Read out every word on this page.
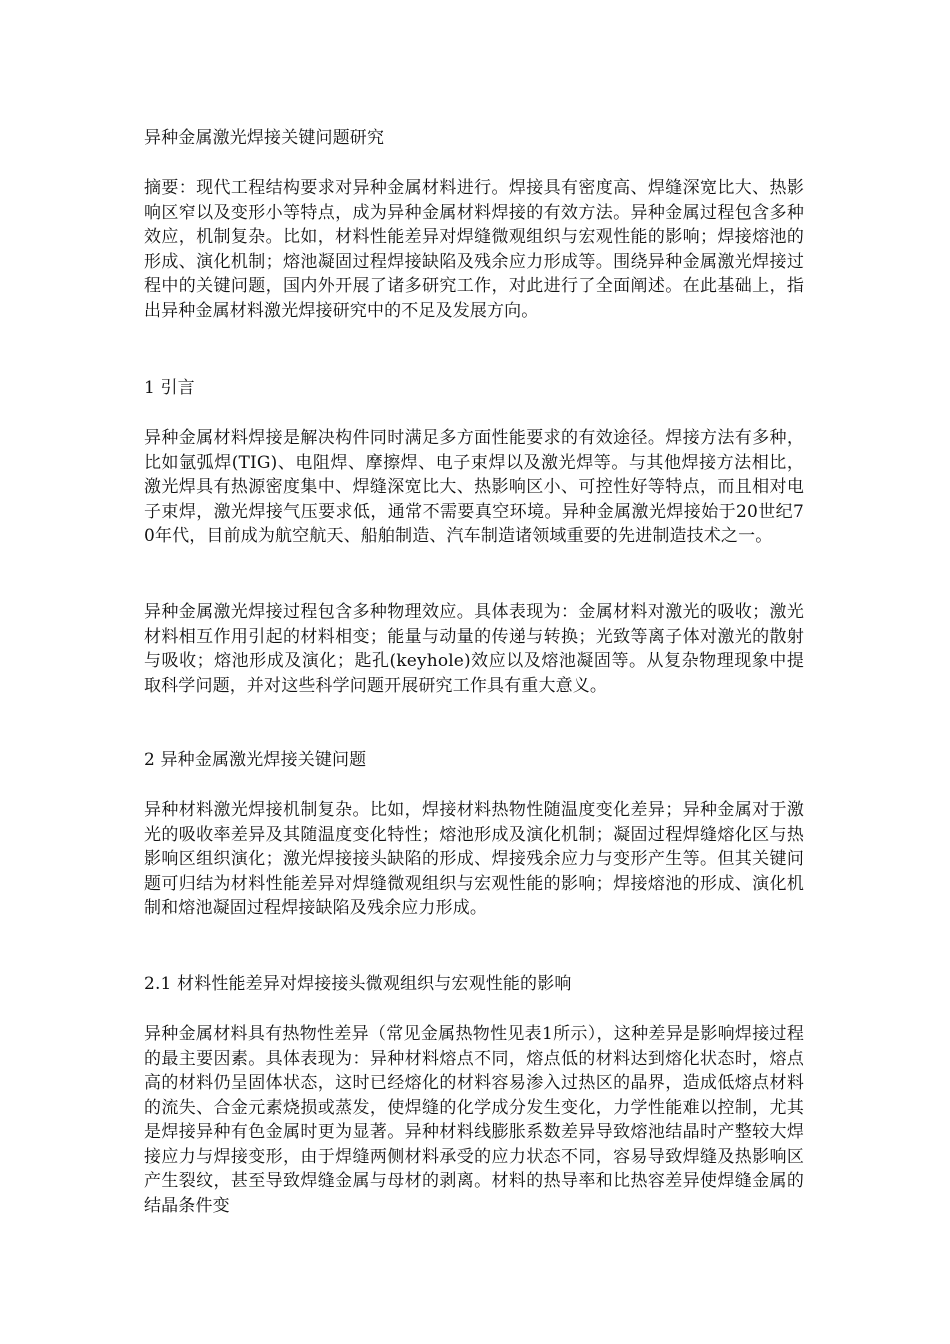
异种金属激光焊接关键问题研究
摘要：现代工程结构要求对异种金属材料进行。焊接具有密度高、焊缝深宽比大、热影响区窄以及变形小等特点，成为异种金属材料焊接的有效方法。异种金属过程包含多种效应，机制复杂。比如，材料性能差异对焊缝微观组织与宏观性能的影响；焊接熔池的形成、演化机制；熔池凝固过程焊接缺陷及残余应力形成等。围绕异种金属激光焊接过程中的关键问题，国内外开展了诸多研究工作，对此进行了全面阐述。在此基础上，指出异种金属材料激光焊接研究中的不足及发展方向。
1 引言
异种金属材料焊接是解决构件同时满足多方面性能要求的有效途径。焊接方法有多种，比如氩弧焊(TIG)、电阻焊、摩擦焊、电子束焊以及激光焊等。与其他焊接方法相比，激光焊具有热源密度集中、焊缝深宽比大、热影响区小、可控性好等特点，而且相对电子束焊，激光焊接气压要求低，通常不需要真空环境。异种金属激光焊接始于20世纪70年代，目前成为航空航天、船舶制造、汽车制造诸领域重要的先进制造技术之一。
异种金属激光焊接过程包含多种物理效应。具体表现为：金属材料对激光的吸收；激光材料相互作用引起的材料相变；能量与动量的传递与转换；光致等离子体对激光的散射与吸收；熔池形成及演化；匙孔(keyhole)效应以及熔池凝固等。从复杂物理现象中提取科学问题，并对这些科学问题开展研究工作具有重大意义。
2 异种金属激光焊接关键问题
异种材料激光焊接机制复杂。比如，焊接材料热物性随温度变化差异；异种金属对于激光的吸收率差异及其随温度变化特性；熔池形成及演化机制；凝固过程焊缝熔化区与热影响区组织演化；激光焊接接头缺陷的形成、焊接残余应力与变形产生等。但其关键问题可归结为材料性能差异对焊缝微观组织与宏观性能的影响；焊接熔池的形成、演化机制和熔池凝固过程焊接缺陷及残余应力形成。
2.1 材料性能差异对焊接接头微观组织与宏观性能的影响
异种金属材料具有热物性差异（常见金属热物性见表1所示），这种差异是影响焊接过程的最主要因素。具体表现为：异种材料熔点不同，熔点低的材料达到熔化状态时，熔点高的材料仍呈固体状态，这时已经熔化的材料容易渗入过热区的晶界，造成低熔点材料的流失、合金元素烧损或蒸发，使焊缝的化学成分发生变化，力学性能难以控制，尤其是焊接异种有色金属时更为显著。异种材料线膨胀系数差异导致熔池结晶时产整较大焊接应力与焊接变形，由于焊缝两侧材料承受的应力状态不同，容易导致焊缝及热影响区产生裂纹，甚至导致焊缝金属与母材的剥离。材料的热导率和比热容差异使焊缝金属的结晶条件变
